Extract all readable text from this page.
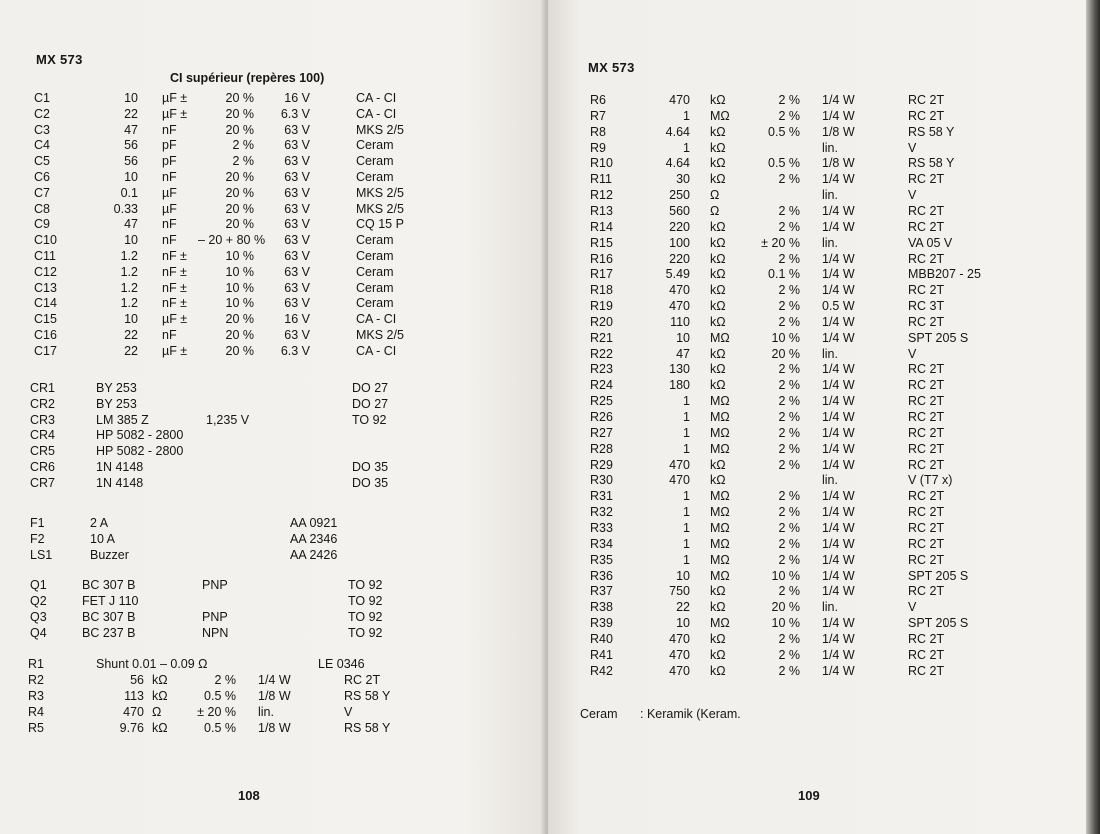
MX 573
CI supérieur (repères 100)
C1	10 µF ±	20 %	16 V	CA - CI
C2	22 µF ±	20 %	6.3 V	CA - CI
C3	47 nF	20 %	63 V	MKS 2/5
C4	56 pF	2 %	63 V	Ceram
C5	56 pF	2 %	63 V	Ceram
C6	10 nF	20 %	63 V	Ceram
C7	0.1 µF	20 %	63 V	MKS 2/5
C8	0.33 µF	20 %	63 V	MKS 2/5
C9	47 nF	20 %	63 V	CQ 15 P
C10	10 nF – 20 + 80 %	63 V	Ceram
C11	1.2 nF ±	10 %	63 V	Ceram
C12	1.2 nF ±	10 %	63 V	Ceram
C13	1.2 nF ±	10 %	63 V	Ceram
C14	1.2 nF ±	10 %	63 V	Ceram
C15	10 µF ±	20 %	16 V	CA - CI
C16	22 nF	20 %	63 V	MKS 2/5
C17	22 µF ±	20 %	6.3 V	CA - CI
CR1	BY 253	DO 27
CR2	BY 253	DO 27
CR3	LM 385 Z	1,235 V	TO 92
CR4	HP 5082 - 2800
CR5	HP 5082 - 2800
CR6	1N 4148	DO 35
CR7	1N 4148	DO 35
F1	2 A	AA 0921
F2	10 A	AA 2346
LS1	Buzzer	AA 2426
Q1	BC 307 B	PNP	TO 92
Q2	FET J 110	TO 92
Q3	BC 307 B	PNP	TO 92
Q4	BC 237 B	NPN	TO 92
R1	Shunt 0.01 – 0.09 Ω	LE 0346
R2	56 kΩ	2 % 1/4 W	RC 2T
R3	113 kΩ	0.5 % 1/8 W	RS 58 Y
R4	470 Ω	± 20 % lin.	V
R5	9.76 kΩ	0.5 % 1/8 W	RS 58 Y
108
MX 573
R6	470 kΩ	2 % 1/4 W	RC 2T
R7	1 MΩ	2 % 1/4 W	RC 2T
R8	4.64 kΩ	0.5 % 1/8 W	RS 58 Y
R9	1 kΩ	lin.	V
R10	4.64 kΩ	0.5 % 1/8 W	RS 58 Y
R11	30 kΩ	2 % 1/4 W	RC 2T
R12	250 Ω	lin.	V
R13	560 Ω	2 % 1/4 W	RC 2T
R14	220 kΩ	2 % 1/4 W	RC 2T
R15	100 kΩ	± 20 % lin.	VA 05 V
R16	220 kΩ	2 % 1/4 W	RC 2T
R17	5.49 kΩ	0.1 % 1/4 W	MBB207 - 25
R18	470 kΩ	2 % 1/4 W	RC 2T
R19	470 kΩ	2 % 0.5 W	RC 3T
R20	110 kΩ	2 % 1/4 W	RC 2T
R21	10 MΩ	10 % 1/4 W	SPT 205 S
R22	47 kΩ	20 % lin.	V
R23	130 kΩ	2 % 1/4 W	RC 2T
R24	180 kΩ	2 % 1/4 W	RC 2T
R25	1 MΩ	2 % 1/4 W	RC 2T
R26	1 MΩ	2 % 1/4 W	RC 2T
R27	1 MΩ	2 % 1/4 W	RC 2T
R28	1 MΩ	2 % 1/4 W	RC 2T
R29	470 kΩ	2 % 1/4 W	RC 2T
R30	470 kΩ	lin.	V (T7 x)
R31	1 MΩ	2 % 1/4 W	RC 2T
R32	1 MΩ	2 % 1/4 W	RC 2T
R33	1 MΩ	2 % 1/4 W	RC 2T
R34	1 MΩ	2 % 1/4 W	RC 2T
R35	1 MΩ	2 % 1/4 W	RC 2T
R36	10 MΩ	10 % 1/4 W	SPT 205 S
R37	750 kΩ	2 % 1/4 W	RC 2T
R38	22 kΩ	20 % lin.	V
R39	10 MΩ	10 % 1/4 W	SPT 205 S
R40	470 kΩ	2 % 1/4 W	RC 2T
R41	470 kΩ	2 % 1/4 W	RC 2T
R42	470 kΩ	2 % 1/4 W	RC 2T
Ceram : Keramik (Keram.
109
